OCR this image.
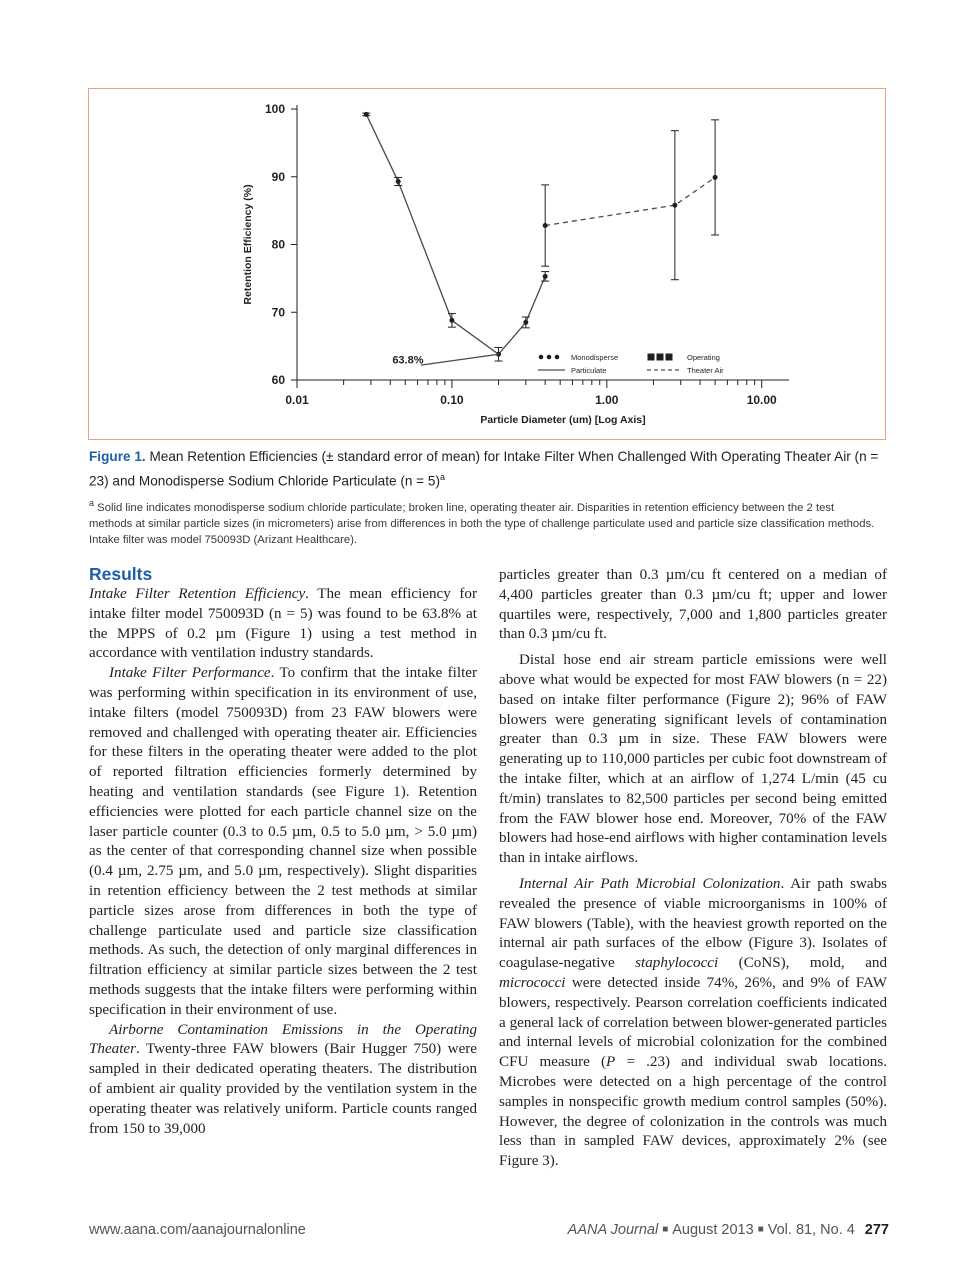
60
70
80
90
100
0.01	0.10	1.00	10.00
Particle Diameter (um) [Log Axis]
Retention Efficiency (%)
63.8%	Monodisperse
Particulate
Operating
Theater Air
Figure 1. Mean Retention Efficiencies (± standard error of mean) for Intake Filter When Challenged With Operating Theater Air (n = 23) and Monodisperse Sodium Chloride Particulate (n = 5)$^a$
$^a$ Solid line indicates monodisperse sodium chloride particulate; broken line, operating theater air. Disparities in retention efficiency between the 2 test methods at similar particle sizes (in micrometers) arise from differences in both the type of challenge particulate used and particle size classification methods. Intake filter was model 750093D (Arizant Healthcare).
Results

Intake Filter Retention Efficiency. The mean efficiency for intake filter model 750093D (n = 5) was found to be 63.8% at the MPPS of 0.2 µm (Figure 1) using a test method in accordance with ventilation industry standards.

Intake Filter Performance. To confirm that the intake filter was performing within specification in its environment of use, intake filters (model 750093D) from 23 FAW blowers were removed and challenged with operating theater air. Efficiencies for these filters in the operating theater were added to the plot of reported filtration efficiencies formerly determined by heating and ventilation standards (see Figure 1). Retention efficiencies were plotted for each particle channel size on the laser particle counter (0.3 to 0.5 µm, 0.5 to 5.0 µm, > 5.0 µm) as the center of that corresponding channel size when possible (0.4 µm, 2.75 µm, and 5.0 µm, respectively). Slight disparities in retention efficiency between the 2 test methods at similar particle sizes arose from differences in both the type of challenge particulate used and particle size classification methods. As such, the detection of only marginal differences in filtration efficiency at similar particle sizes between the 2 test methods suggests that the intake filters were performing within specification in their environment of use.

Airborne Contamination Emissions in the Operating Theater. Twenty-three FAW blowers (Bair Hugger 750) were sampled in their dedicated operating theaters. The distribution of ambient air quality provided by the ventilation system in the operating theater was relatively uniform. Particle counts ranged from 150 to 39,000

particles greater than 0.3 µm/cu ft centered on a median of 4,400 particles greater than 0.3 µm/cu ft; upper and lower quartiles were, respectively, 7,000 and 1,800 particles greater than 0.3 µm/cu ft.

Distal hose end air stream particle emissions were well above what would be expected for most FAW blowers (n = 22) based on intake filter performance (Figure 2); 96% of FAW blowers were generating significant levels of contamination greater than 0.3 µm in size. These FAW blowers were generating up to 110,000 particles per cubic foot downstream of the intake filter, which at an airflow of 1,274 L/min (45 cu ft/min) translates to 82,500 particles per second being emitted from the FAW blower hose end. Moreover, 70% of the FAW blowers had hose-end airflows with higher contamination levels than in intake airflows.

Internal Air Path Microbial Colonization. Air path swabs revealed the presence of viable microorganisms in 100% of FAW blowers (Table), with the heaviest growth reported on the internal air path surfaces of the elbow (Figure 3). Isolates of coagulase-negative staphylococci (CoNS), mold, and micrococci were detected inside 74%, 26%, and 9% of FAW blowers, respectively. Pearson correlation coefficients indicated a general lack of correlation between blower-generated particles and internal levels of microbial colonization for the combined CFU measure (P = .23) and individual swab locations. Microbes were detected on a high percentage of the control samples in nonspecific growth medium control samples (50%). However, the degree of colonization in the controls was much less than in sampled FAW devices, approximately 2% (see Figure 3).

www.aana.com/aanajournalonline	AANA Journal ■ August 2013 ■ Vol. 81, No. 4 277
